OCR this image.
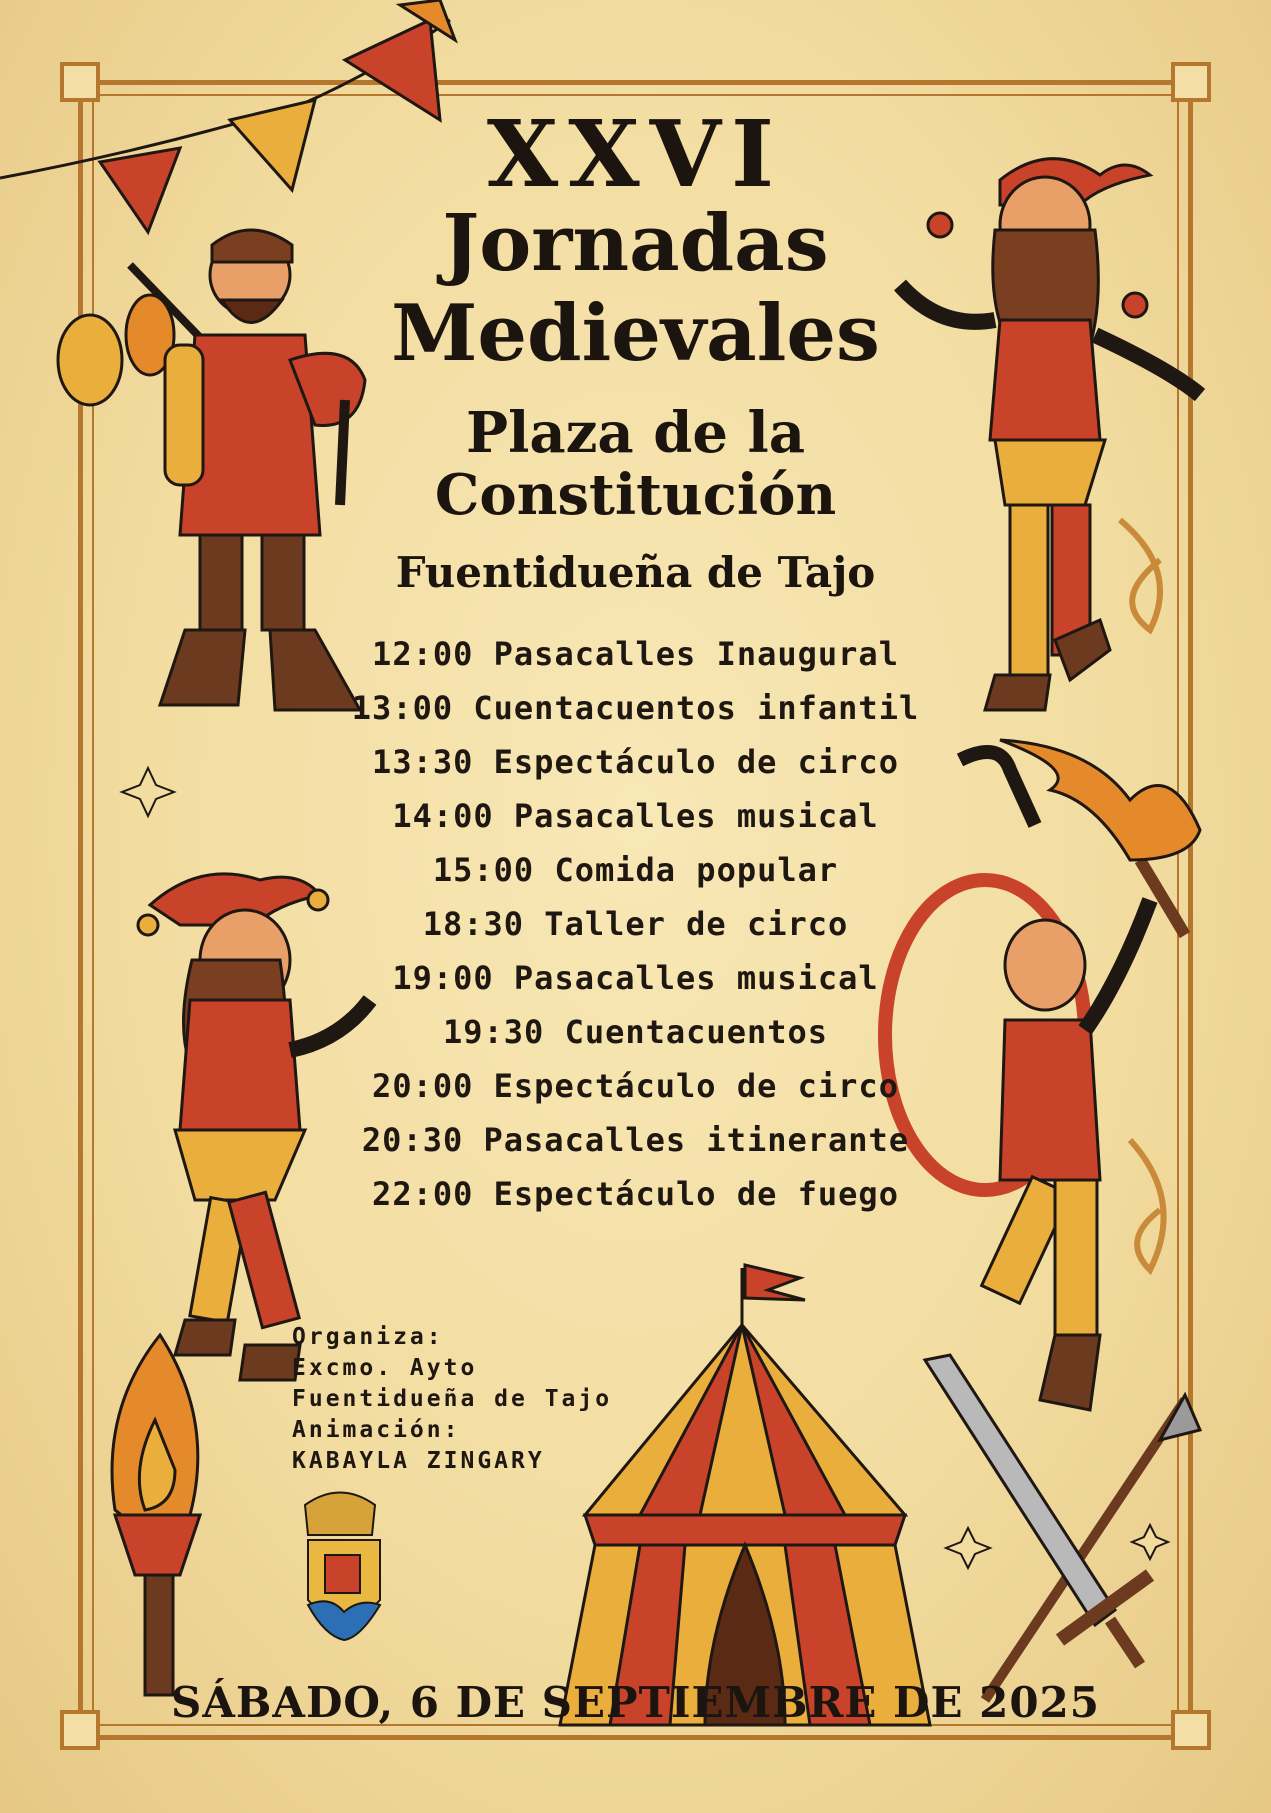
XXVI
Jornadas
Medievales
Plaza de la
Constitución
Fuentidueña de Tajo
12:00 Pasacalles Inaugural
13:00 Cuentacuentos infantil
13:30 Espectáculo de circo
14:00 Pasacalles musical
15:00 Comida popular
18:30 Taller de circo
19:00 Pasacalles musical
19:30 Cuentacuentos
20:00 Espectáculo de circo
20:30 Pasacalles itinerante
22:00 Espectáculo de fuego
Organiza:
Excmo. Ayto
Fuentidueña de Tajo
Animación:
KABAYLA ZINGARY
SÁBADO, 6 DE SEPTIEMBRE DE 2025
